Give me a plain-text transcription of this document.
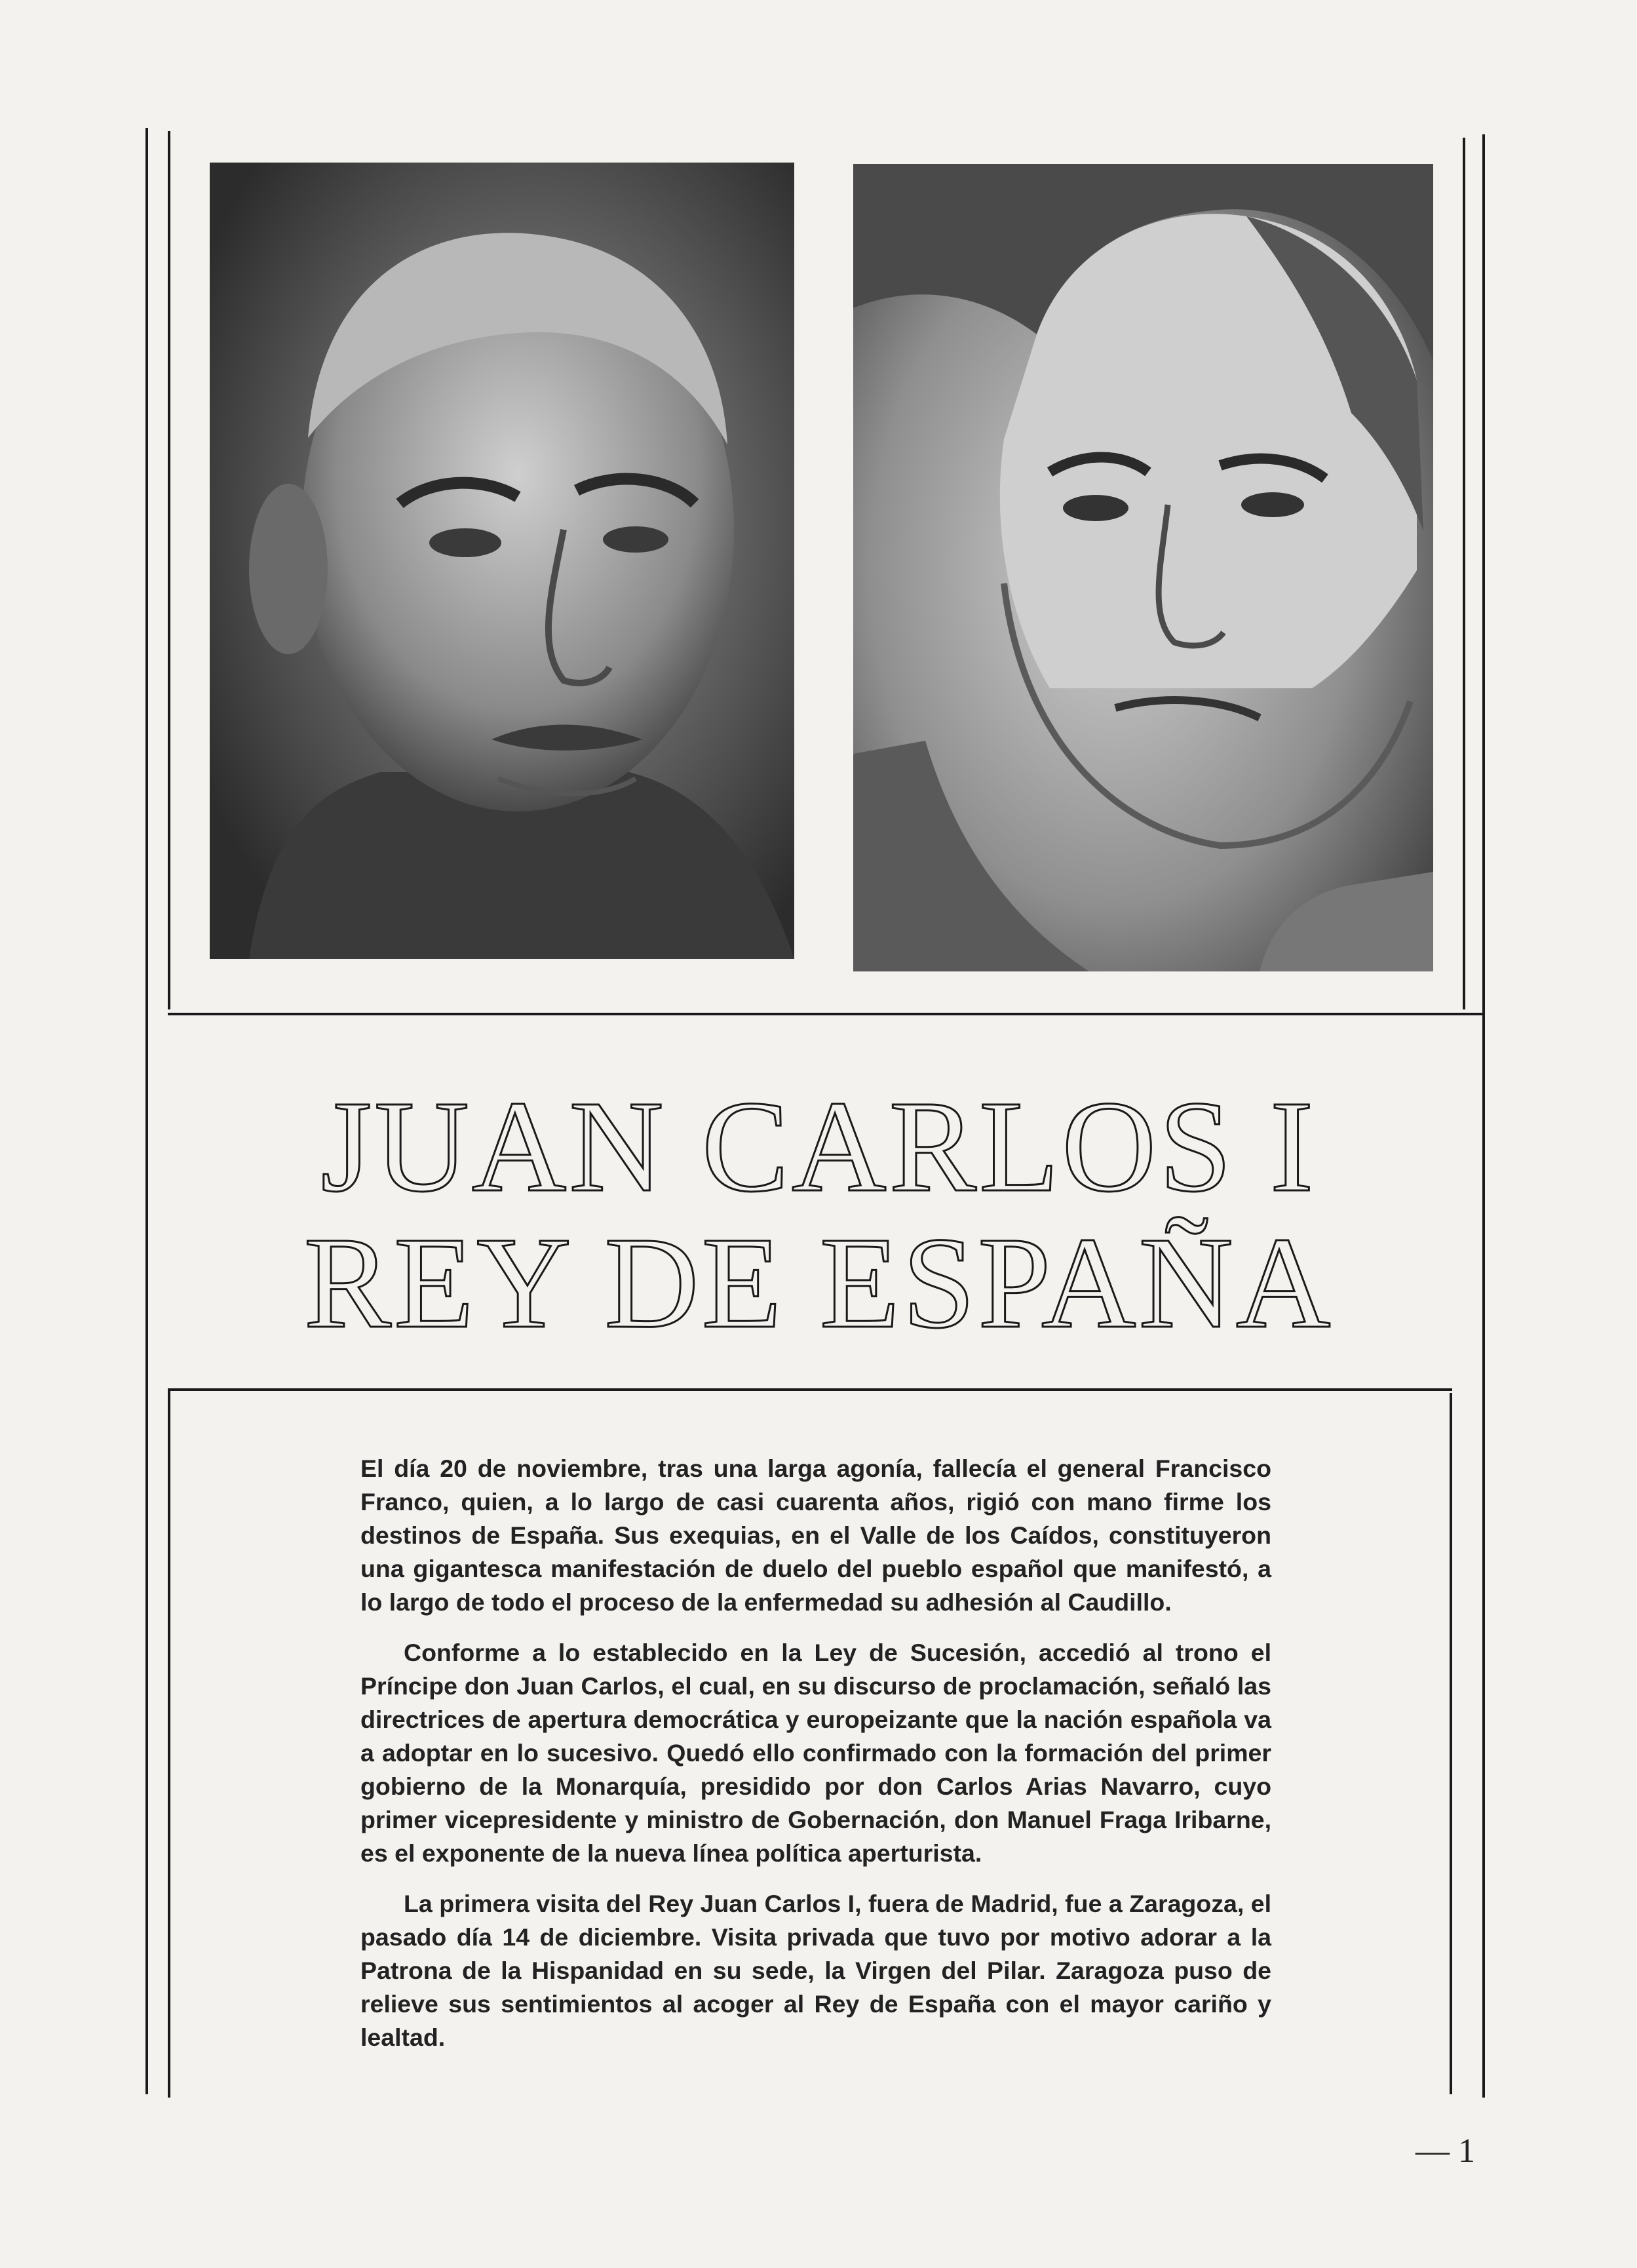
JUAN CARLOS I
REY DE ESPAÑA

El día 20 de noviembre, tras una larga agonía, fallecía el general Francisco Franco, quien, a lo largo de casi cuarenta años, rigió con mano firme los destinos de España. Sus exequias, en el Valle de los Caídos, constituyeron una gigantesca manifestación de duelo del pueblo español que manifestó, a lo largo de todo el proceso de la enfermedad su adhesión al Caudillo.

Conforme a lo establecido en la Ley de Sucesión, accedió al trono el Príncipe don Juan Carlos, el cual, en su discurso de proclamación, señaló las directrices de apertura democrática y europeizante que la nación española va a adoptar en lo sucesivo. Quedó ello confirmado con la formación del primer gobierno de la Monarquía, presidido por don Carlos Arias Navarro, cuyo primer vicepresidente y ministro de Gobernación, don Manuel Fraga Iribarne, es el exponente de la nueva línea política aperturista.

La primera visita del Rey Juan Carlos I, fuera de Madrid, fue a Zaragoza, el pasado día 14 de diciembre. Visita privada que tuvo por motivo adorar a la Patrona de la Hispanidad en su sede, la Virgen del Pilar. Zaragoza puso de relieve sus sentimientos al acoger al Rey de España con el mayor cariño y lealtad.

— 1
